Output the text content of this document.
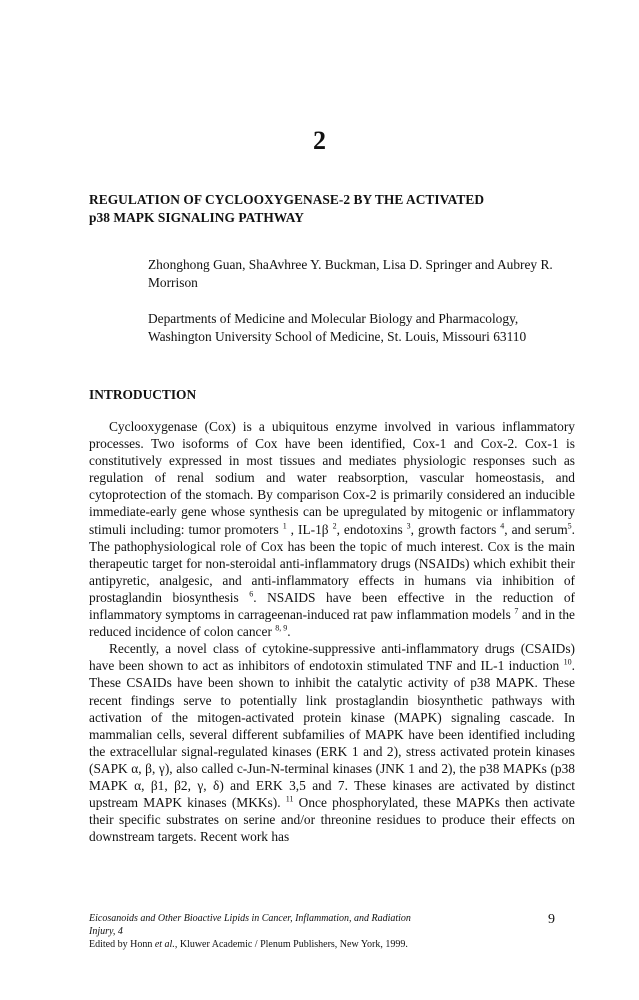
2
REGULATION OF CYCLOOXYGENASE-2 BY THE ACTIVATED
p38 MAPK SIGNALING PATHWAY
Zhonghong Guan, ShaAvhree Y. Buckman, Lisa D. Springer and Aubrey R. Morrison
Departments of Medicine and Molecular Biology and Pharmacology, Washington University School of Medicine, St. Louis, Missouri 63110
INTRODUCTION

Cyclooxygenase (Cox) is a ubiquitous enzyme involved in various inflammatory processes. Two isoforms of Cox have been identified, Cox-1 and Cox-2. Cox-1 is constitutively expressed in most tissues and mediates physiologic responses such as regulation of renal sodium and water reabsorption, vascular homeostasis, and cytoprotection of the stomach. By comparison Cox-2 is primarily considered an inducible immediate-early gene whose synthesis can be upregulated by mitogenic or inflammatory stimuli including: tumor promoters $^1$ , IL-1β $^2$, endotoxins $^3$, growth factors $^4$, and serum$^5$. The pathophysiological role of Cox has been the topic of much interest. Cox is the main therapeutic target for non-steroidal anti-inflammatory drugs (NSAIDs) which exhibit their antipyretic, analgesic, and anti-inflammatory effects in humans via inhibition of prostaglandin biosynthesis $^6$. NSAIDS have been effective in the reduction of inflammatory symptoms in carrageenan-induced rat paw inflammation models $^7$ and in the reduced incidence of colon cancer $^{8, 9}$.

Recently, a novel class of cytokine-suppressive anti-inflammatory drugs (CSAIDs) have been shown to act as inhibitors of endotoxin stimulated TNF and IL-1 induction $^{10}$. These CSAIDs have been shown to inhibit the catalytic activity of p38 MAPK. These recent findings serve to potentially link prostaglandin biosynthetic pathways with activation of the mitogen-activated protein kinase (MAPK) signaling cascade. In mammalian cells, several different subfamilies of MAPK have been identified including the extracellular signal-regulated kinases (ERK 1 and 2), stress activated protein kinases (SAPK α, β, γ), also called c-Jun-N-terminal kinases (JNK 1 and 2), the p38 MAPKs (p38 MAPK α, β1, β2, γ, δ) and ERK 3,5 and 7. These kinases are activated by distinct upstream MAPK kinases (MKKs). $^{11}$ Once phosphorylated, these MAPKs then activate their specific substrates on serine and/or threonine residues to produce their effects on downstream targets. Recent work has

Eicosanoids and Other Bioactive Lipids in Cancer, Inflammation, and Radiation Injury, 4
Edited by Honn et al., Kluwer Academic / Plenum Publishers, New York, 1999.
9
